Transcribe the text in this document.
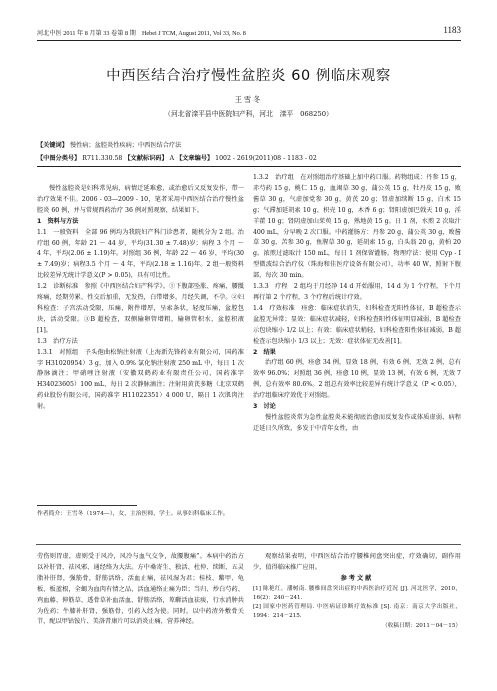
河北中医 2011 年 8 月第 33 卷第 8 期　Hebei J TCM, August 2011, Vol 33, No. 8	1183
中西医结合治疗慢性盆腔炎 60 例临床观察
王雪冬
（河北省滦平县中医院妇产科，河北　滦平　068250）
【关键词】 慢性病；盆腔炎性疾病；中西医结合疗法
【中图分类号】 R711.330.58 【文献标识码】 A 【文章编号】 1002 - 2619(2011)08 - 1183 - 02

慢性盆腔炎是妇科常见病，病情迁延难愈，或治愈后又反复发作，带一治疗效果不佳。2006 - 03—2009 - 10，笔者采用中西医结合治疗慢性盆腔炎 60 例，并与常规西药治疗 36 例对照观察，结果如下。

1　资料与方法

1.1　一般资料　全部 96 例均为我院妇产科门诊患者，随机分为 2 组。治疗组 60 例，年龄 21 ～ 44 岁，平均(31.30 ± 7.48)岁；病程 3 个月 ～ 4 年，平均(2.06 ± 1.19)年。对照组 36 例，年龄 22 ～ 46 岁，平均(30 ± 7.49)岁；病程3.5 个月 ～ 4 年，平均(2.18 ± 1.16)年。2 组一般资料比较差异无统计学意义(P > 0.05)，具有可比性。

1.2　诊断标准　参照《中西医结合妇产科学》。①下腹部坠胀、疼痛，腰骶疼痛，经期劳累、性交后加重，无发热，白带增多，月经失调，不孕。②妇科检查：子宫活动受限，压痛，附件增厚，呈索条状，轻度压痛，盆腔包块，活动受限。③B 超检查，双侧输卵管增粗，输卵管积水，盆腔积液[1]。

1.3　治疗方法

1.3.1　对照组　予头孢曲松钠注射液（上海新先锋药业有限公司，国药准字 H31020954）3 g，加入 0.9% 氯化钠注射液 250 mL 中，每日 1 次静脉滴注；甲硝唑注射液（安徽双鹤药业有限责任公司，国药准字 H34023605）100 mL，每日 2 次静脉滴注；注射用黄芪多糖（北京双鹤药业股份有限公司，国药准字 H11022351）4 000 U，隔日 1 次肌肉注射。

作者简介：王雪冬（1974—），女，主治医师，学士。从事妇科临床工作。

1.3.2　治疗组　在对照组治疗基础上加中药口服。药物组成：丹参 15 g，赤芍药 15 g，桃仁 15 g，血竭草 30 g，蒲公英 15 g，牡丹皮 15 g，败酱草 30 g，气虚加党参 30 g，黄芪 20 g；肾虚加续断 15 g，白术 15 g；气滞加延胡索 10 g，枳壳 10 g，木香 6 g；肾阳虚加巴戟天 10 g，淫羊藿 10 g；肾阴虚加山茱萸 15 g，熟地黄 15 g。日 1 剂，水煎 2 次取汁 400 mL，分早晚 2 次口服。中药灌肠方：丹参 20 g，蒲公英 30 g，败酱草 30 g，苦参 30 g，鱼腥草 30 g，延胡索 15 g，白头翁 20 g，黄柏 20 g。浓煎过滤取汁 150 mL，每日 1 剂保留灌肠。物理疗法：使用 Cyp - Ⅰ 型微波综合治疗仪（珠海和佳医疗设备有限公司），功率 40 W，照射下腹部，每次 30 min。

1.3.3　疗程　2 组均于月经净 14 d 开始服用，14 d 为 1 个疗程，下个月再行第 2 个疗程，3 个疗程后统计疗效。

1.4　疗效标准　痊愈：临床症状消失，妇科检查无阳性体征，B 超检查示盆腔无异常；显效：临床症状减轻，妇科检查阳性体征明显减弱，B 超检查示包块缩小 1/2 以上；有效：临床症状稍轻，妇科检查阳性体征减弱，B 超检查示包块缩小 1/3 以上；无效：症状体征无改善[1]。

2　结果

治疗组 60 例，痊愈 34 例，显效 18 例，有效 6 例，无效 2 例，总有效率 96.0%；对照组 36 例，痊愈 10 例，显效 13 例，有效 6 例，无效 7 例，总有效率 80.6%。2 组总有效率比较差异有统计学意义（P < 0.05），治疗组临床疗效优于对照组。

3　讨论

慢性盆腔炎常为急性盆腔炎未能彻底治愈而反复发作或体质虚弱，病程迁延日久所致，多发于中青年女性，由

劳伤则胃虚，虚则受于风冷，风冷与血气交争，故腰腹痛”。本病中药治方以补肝肾、祛风邪、通经络为大法。方中桑寄生、独活、杜仲、续断、五灵脂补肝肾，强筋骨，舒筋活络，活血止痛，祛风湿为君；桂枝、鳖甲、龟板、板蓝根，全蝎为血肉有情之品，活血通络止痛为臣；当归、炒白芍药、鸡血藤、伸筋草、透骨草补血活血、舒筋活络，萆薢活血祛痰，行水消肿共为佐药；牛膝补肝肾，强筋骨，引药入经为使。同时，以中药渣外敷骨关节，配以甲钴铵片、美洛昔康片可以消炎止痛，营养神经。

观察结果表明，中西医结合治疗腰椎间盘突出症，疗效确切，副作用少，值得临床推广应用。

参考文献

[1] 陈艳红，潘树南. 腰椎间盘突出症的中西医治疗近况 [J]. 河北医学，2010，16(2)：240－241.

[2] 国家中医药管理局. 中医病证诊断疗效标准 [S]. 南京：南京大学出版社，1994：214－215.

（收稿日期：2011－04－15）
